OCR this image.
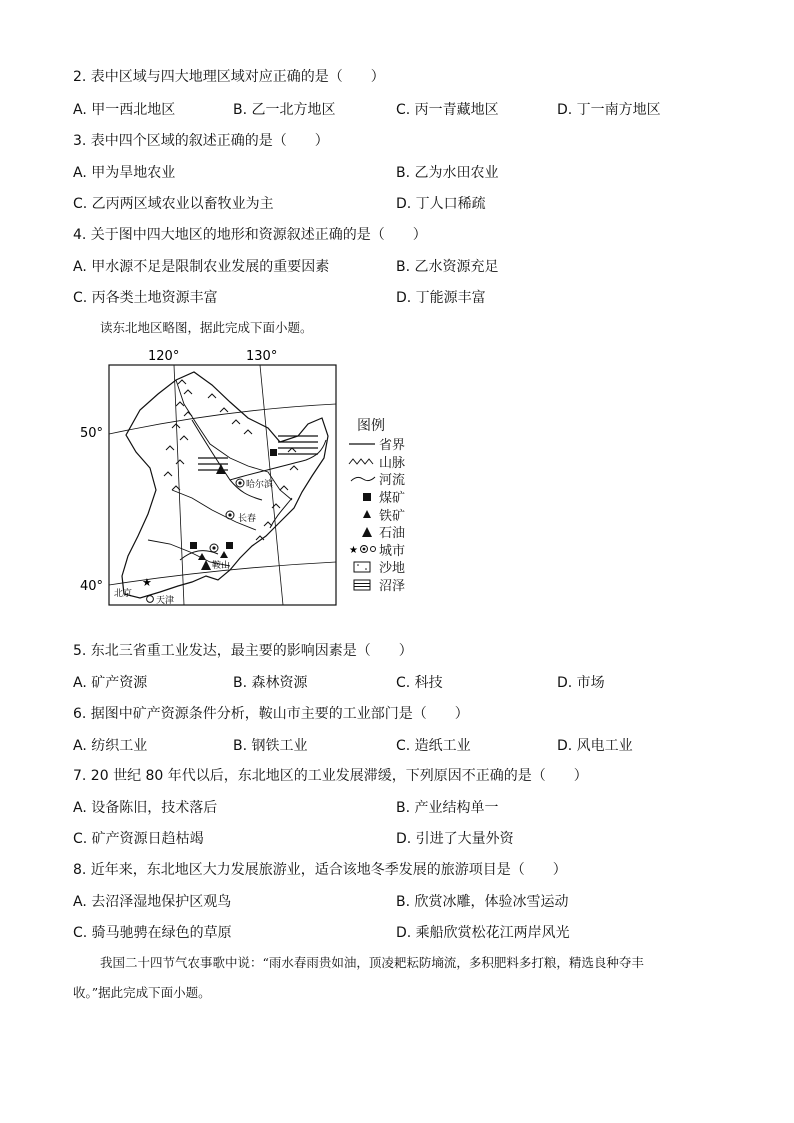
2. 表中区域与四大地理区域对应正确的是（　　）
A. 甲一西北地区	B. 乙一北方地区	C. 丙一青藏地区	D. 丁一南方地区
3. 表中四个区域的叙述正确的是（　　）
A. 甲为旱地农业	B. 乙为水田农业
C. 乙丙两区域农业以畜牧业为主	D. 丁人口稀疏
4. 关于图中四大地区的地形和资源叙述正确的是（　　）
A. 甲水源不足是限制农业发展的重要因素	B. 乙水资源充足
C. 丙各类土地资源丰富	D. 丁能源丰富
读东北地区略图，据此完成下面小题。
★
哈尔滨
长春
鞍山
北京
天津
120°	130°
50°
40°
图例
省界
山脉
河流
煤矿
铁矿
石油
★ 城市
沙地
沼泽
5. 东北三省重工业发达，最主要的影响因素是（　　）
A. 矿产资源	B. 森林资源	C. 科技	D. 市场
6. 据图中矿产资源条件分析，鞍山市主要的工业部门是（　　）
A. 纺织工业	B. 钢铁工业	C. 造纸工业	D. 风电工业
7. 20 世纪 80 年代以后，东北地区的工业发展滞缓，下列原因不正确的是（　　）
A. 设备陈旧，技术落后	B. 产业结构单一
C. 矿产资源日趋枯竭	D. 引进了大量外资
8. 近年来，东北地区大力发展旅游业，适合该地冬季发展的旅游项目是（　　）
A. 去沼泽湿地保护区观鸟	B. 欣赏冰雕，体验冰雪运动
C. 骑马驰骋在绿色的草原	D. 乘船欣赏松花江两岸风光
我国二十四节气农事歌中说：“雨水春雨贵如油，顶凌耙耘防墒流，多积肥料多打粮，精选良种夺丰
收。”据此完成下面小题。
